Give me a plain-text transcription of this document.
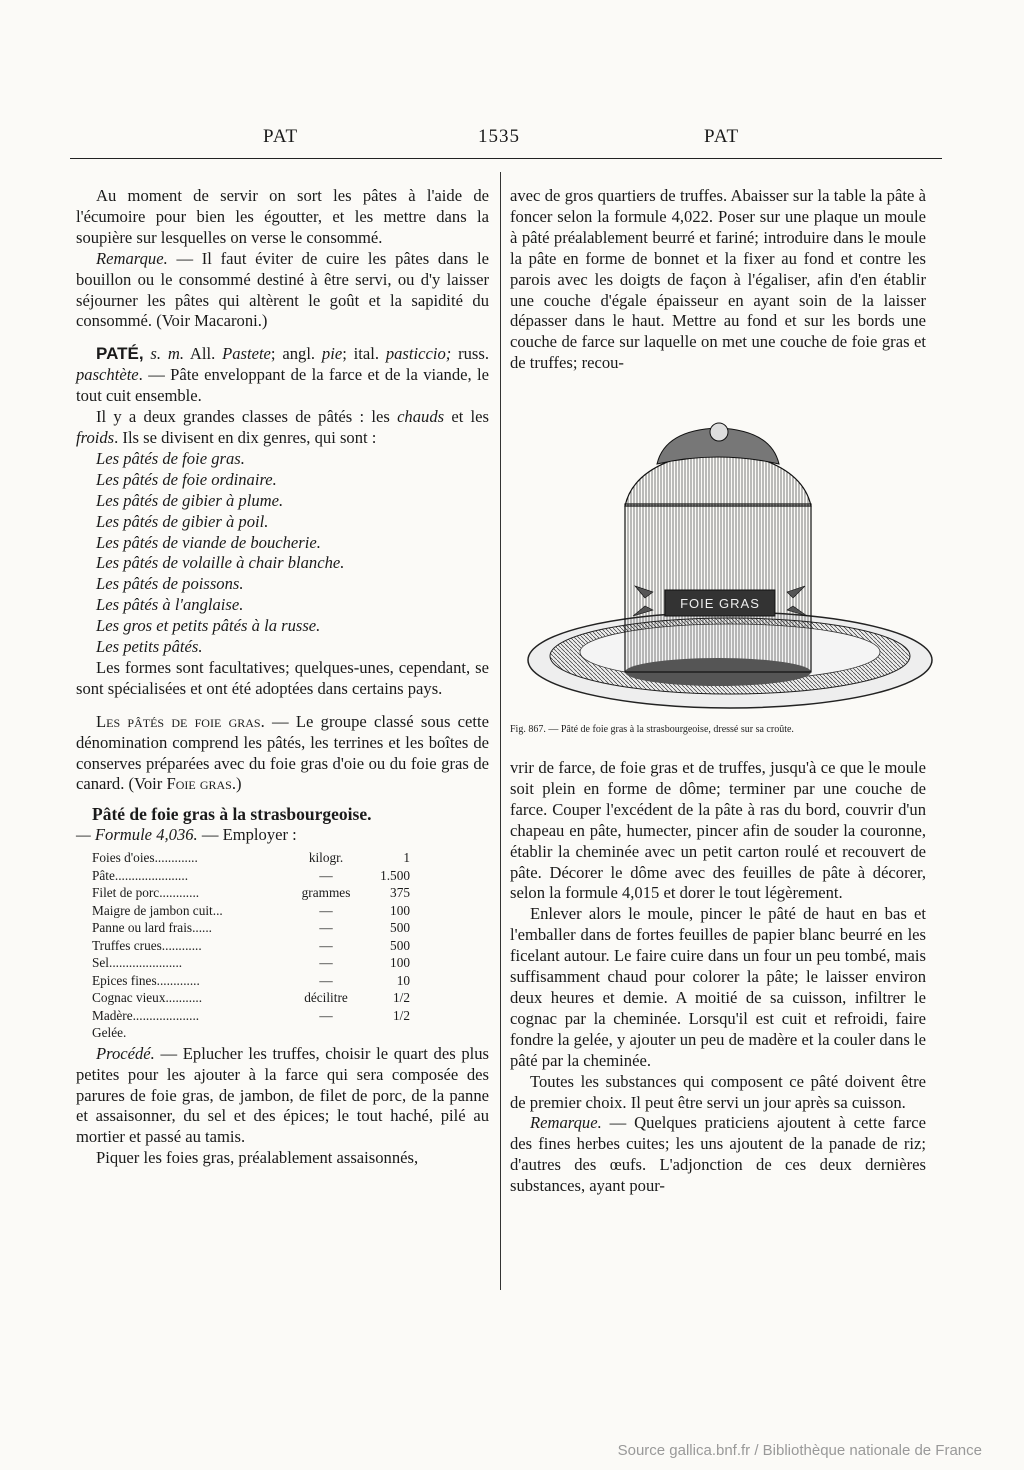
PAT	1535	PAT

Au moment de servir on sort les pâtes à l'aide de l'écumoire pour bien les égoutter, et les mettre dans la soupière sur lesquelles on verse le consommé.

Remarque. — Il faut éviter de cuire les pâtes dans le bouillon ou le consommé destiné à être servi, ou d'y laisser séjourner les pâtes qui altèrent le goût et la sapidité du consommé. (Voir Macaroni.)

PATÉ, s. m. All. Pastete; angl. pie; ital. pasticcio; russ. paschtète. — Pâte enveloppant de la farce et de la viande, le tout cuit ensemble.

Il y a deux grandes classes de pâtés : les chauds et les froids. Ils se divisent en dix genres, qui sont :

Les pâtés de foie gras.
Les pâtés de foie ordinaire.
Les pâtés de gibier à plume.
Les pâtés de gibier à poil.
Les pâtés de viande de boucherie.
Les pâtés de volaille à chair blanche.
Les pâtés de poissons.
Les pâtés à l'anglaise.
Les gros et petits pâtés à la russe.
Les petits pâtés.

Les formes sont facultatives; quelques-unes, cependant, se sont spécialisées et ont été adoptées dans certains pays.

Les pâtés de foie gras. — Le groupe classé sous cette dénomination comprend les pâtés, les terrines et les boîtes de conserves préparées avec du foie gras d'oie ou du foie gras de canard. (Voir Foie gras.)

Pâté de foie gras à la strasbourgeoise.

— Formule 4,036. — Employer :

Foies d'oies.............	kilogr.	1
Pâte......................	—	1.500
Filet de porc............	grammes	375
Maigre de jambon cuit...	—	100
Panne ou lard frais......	—	500
Truffes crues............	—	500
Sel......................	—	100
Epices fines.............	—	10
Cognac vieux...........	décilitre	1/2
Madère....................	—	1/2
Gelée.		

Procédé. — Eplucher les truffes, choisir le quart des plus petites pour les ajouter à la farce qui sera composée des parures de foie gras, de jambon, de filet de porc, de la panne et assaisonner, du sel et des épices; le tout haché, pilé au mortier et passé au tamis.

Piquer les foies gras, préalablement assaisonnés,

avec de gros quartiers de truffes. Abaisser sur la table la pâte à foncer selon la formule 4,022. Poser sur une plaque un moule à pâté préalablement beurré et fariné; introduire dans le moule la pâte en forme de bonnet et la fixer au fond et contre les parois avec les doigts de façon à l'égaliser, afin d'en établir une couche d'égale épaisseur en ayant soin de la laisser dépasser dans le haut. Mettre au fond et sur les bords une couche de farce sur laquelle on met une couche de foie gras et de truffes; recou-

FOIE GRAS
Fig. 867. — Pâté de foie gras à la strasbourgeoise, dressé sur sa croûte.

vrir de farce, de foie gras et de truffes, jusqu'à ce que le moule soit plein en forme de dôme; terminer par une couche de farce. Couper l'excédent de la pâte à ras du bord, couvrir d'un chapeau en pâte, humecter, pincer afin de souder la couronne, établir la cheminée avec un petit carton roulé et recouvert de pâte. Décorer le dôme avec des feuilles de pâte à décorer, selon la formule 4,015 et dorer le tout légèrement.

Enlever alors le moule, pincer le pâté de haut en bas et l'emballer dans de fortes feuilles de papier blanc beurré en les ficelant autour. Le faire cuire dans un four un peu tombé, mais suffisamment chaud pour colorer la pâte; le laisser environ deux heures et demie. A moitié de sa cuisson, infiltrer le cognac par la cheminée. Lorsqu'il est cuit et refroidi, faire fondre la gelée, y ajouter un peu de madère et la couler dans le pâté par la cheminée.

Toutes les substances qui composent ce pâté doivent être de premier choix. Il peut être servi un jour après sa cuisson.

Remarque. — Quelques praticiens ajoutent à cette farce des fines herbes cuites; les uns ajoutent de la panade de riz; d'autres des œufs. L'adjonction de ces deux dernières substances, ayant pour-

Source gallica.bnf.fr / Bibliothèque nationale de France
